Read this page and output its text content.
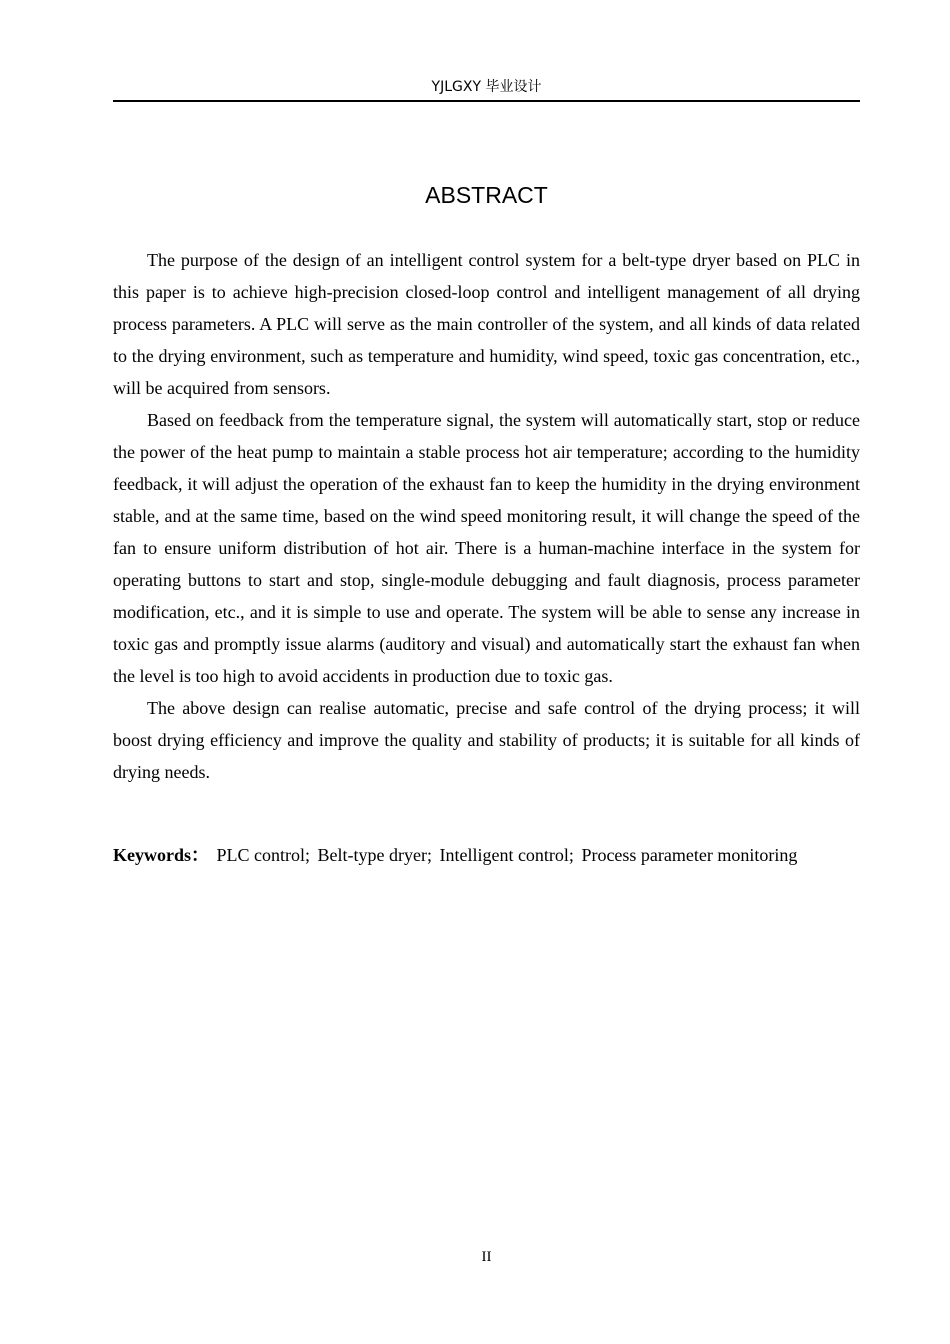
YJLGXY 毕业设计
ABSTRACT

The purpose of the design of an intelligent control system for a belt-type dryer based on PLC in this paper is to achieve high-precision closed-loop control and intelligent management of all drying process parameters. A PLC will serve as the main controller of the system, and all kinds of data related to the drying environment, such as temperature and humidity, wind speed, toxic gas concentration, etc., will be acquired from sensors.

Based on feedback from the temperature signal, the system will automatically start, stop or reduce the power of the heat pump to maintain a stable process hot air temperature; according to the humidity feedback, it will adjust the operation of the exhaust fan to keep the humidity in the drying environment stable, and at the same time, based on the wind speed monitoring result, it will change the speed of the fan to ensure uniform distribution of hot air. There is a human-machine interface in the system for operating buttons to start and stop, single-module debugging and fault diagnosis, process parameter modification, etc., and it is simple to use and operate. The system will be able to sense any increase in toxic gas and promptly issue alarms (auditory and visual) and automatically start the exhaust fan when the level is too high to avoid accidents in production due to toxic gas.

The above design can realise automatic, precise and safe control of the drying process; it will boost drying efficiency and improve the quality and stability of products; it is suitable for all kinds of drying needs.

Keywords： PLC control; Belt-type dryer; Intelligent control; Process parameter monitoring
II
